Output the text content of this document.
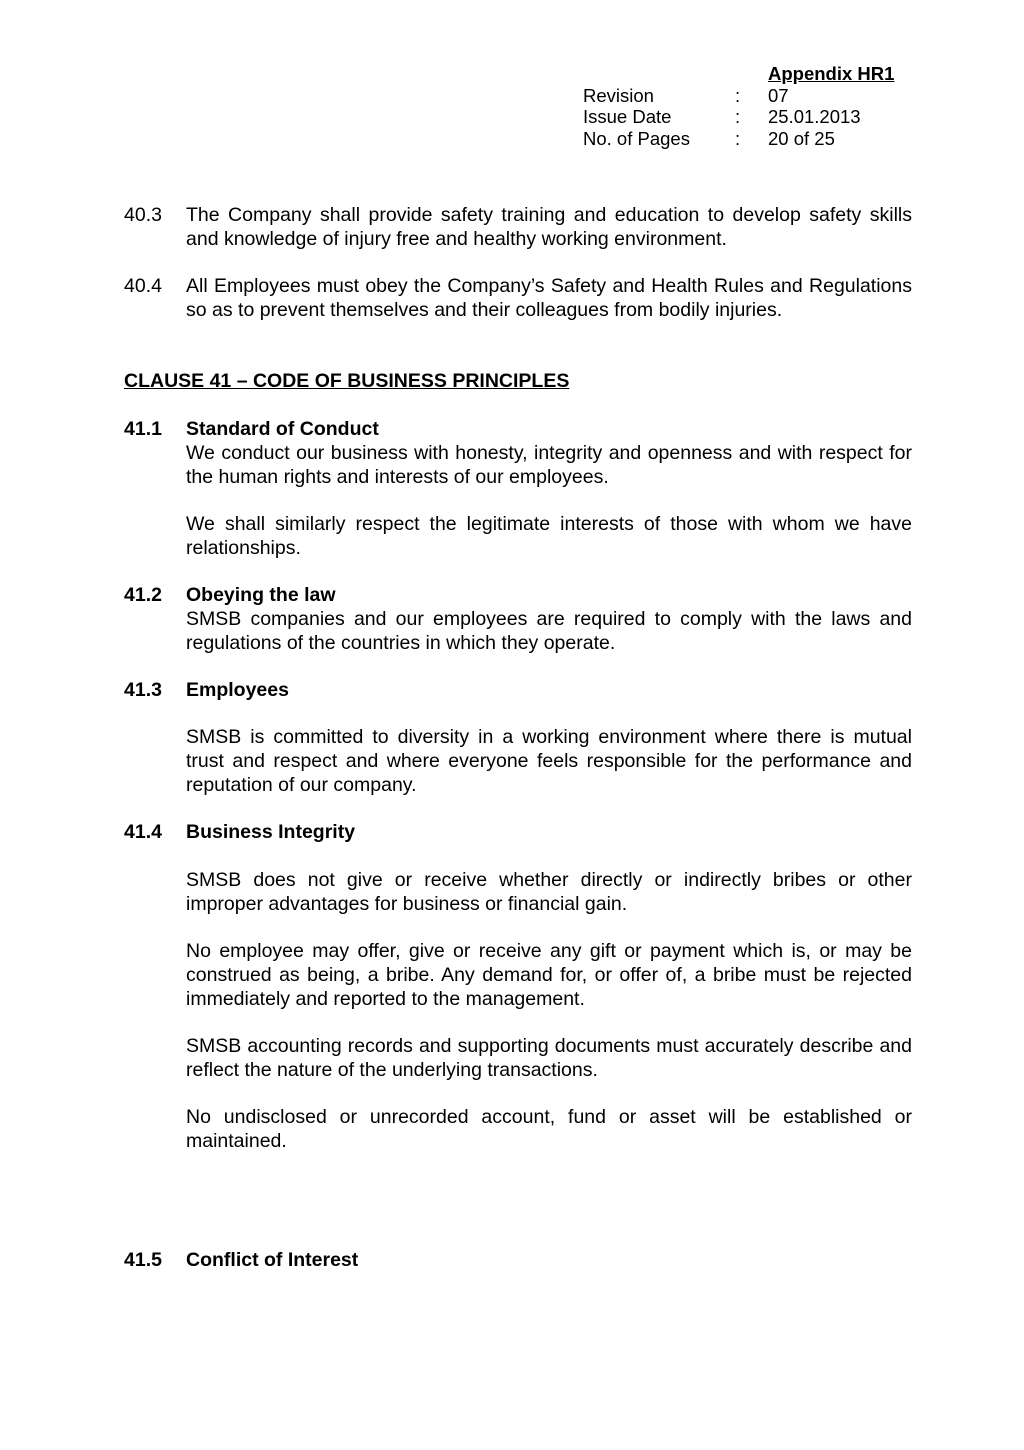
Appendix HR1
Revision	:	07
Issue Date	:	25.01.2013
No. of Pages	:	20 of 25
40.3	The Company shall provide safety training and education to develop safety skills and knowledge of injury free and healthy working environment.
40.4	All Employees must obey the Company’s Safety and Health Rules and Regulations so as to prevent themselves and their colleagues from bodily injuries.
CLAUSE 41 – CODE OF BUSINESS PRINCIPLES
41.1	Standard of Conduct
We conduct our business with honesty, integrity and openness and with respect for the human rights and interests of our employees.
We shall similarly respect the legitimate interests of those with whom we have relationships.
41.2	Obeying the law
SMSB companies and our employees are required to comply with the laws and regulations of the countries in which they operate.
41.3	Employees
SMSB is committed to diversity in a working environment where there is mutual trust and respect and where everyone feels responsible for the performance and reputation of our company.
41.4	Business Integrity
SMSB does not give or receive whether directly or indirectly bribes or other improper advantages for business or financial gain.
No employee may offer, give or receive any gift or payment which is, or may be construed as being, a bribe. Any demand for, or offer of, a bribe must be rejected immediately and reported to the management.
SMSB accounting records and supporting documents must accurately describe and reflect the nature of the underlying transactions.
No undisclosed or unrecorded account, fund or asset will be established or maintained.
41.5	Conflict of Interest
